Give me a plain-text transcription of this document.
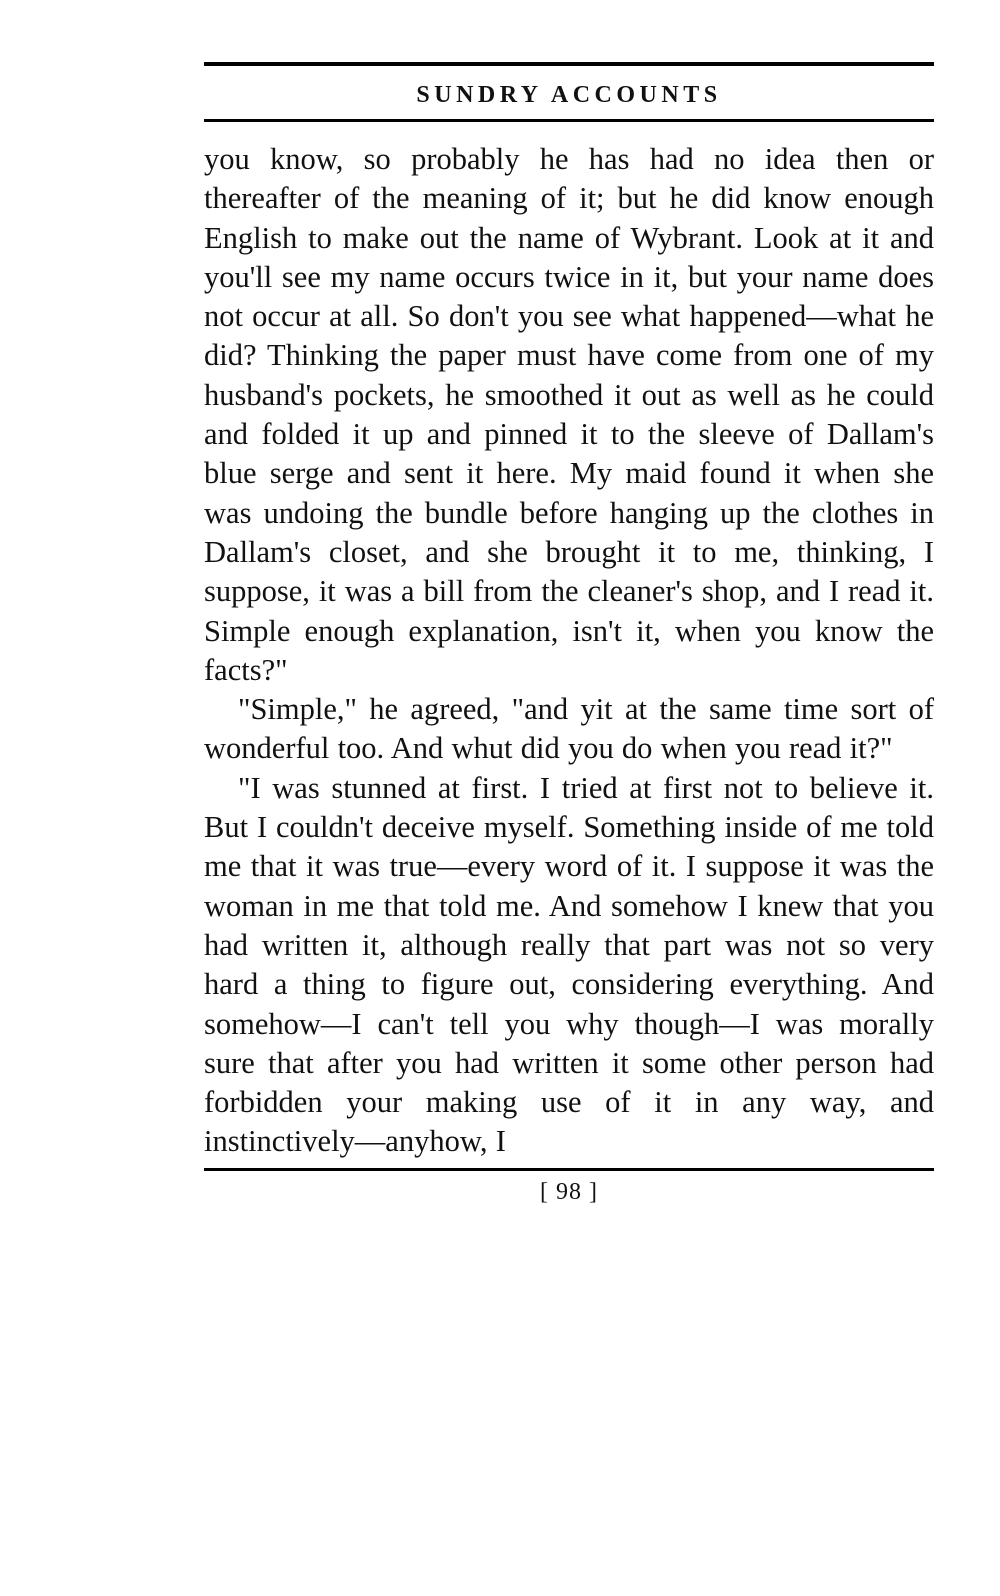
SUNDRY ACCOUNTS

you know, so probably he has had no idea then or thereafter of the meaning of it; but he did know enough English to make out the name of Wybrant. Look at it and you'll see my name occurs twice in it, but your name does not occur at all. So don't you see what happened—what he did? Thinking the paper must have come from one of my husband's pockets, he smoothed it out as well as he could and folded it up and pinned it to the sleeve of Dallam's blue serge and sent it here. My maid found it when she was undoing the bundle before hanging up the clothes in Dallam's closet, and she brought it to me, thinking, I suppose, it was a bill from the cleaner's shop, and I read it. Simple enough explanation, isn't it, when you know the facts?"

"Simple," he agreed, "and yit at the same time sort of wonderful too. And whut did you do when you read it?"

"I was stunned at first. I tried at first not to believe it. But I couldn't deceive myself. Something inside of me told me that it was true—every word of it. I suppose it was the woman in me that told me. And somehow I knew that you had written it, although really that part was not so very hard a thing to figure out, considering everything. And somehow—I can't tell you why though—I was morally sure that after you had written it some other person had forbidden your making use of it in any way, and instinctively—anyhow, I

[ 98 ]
